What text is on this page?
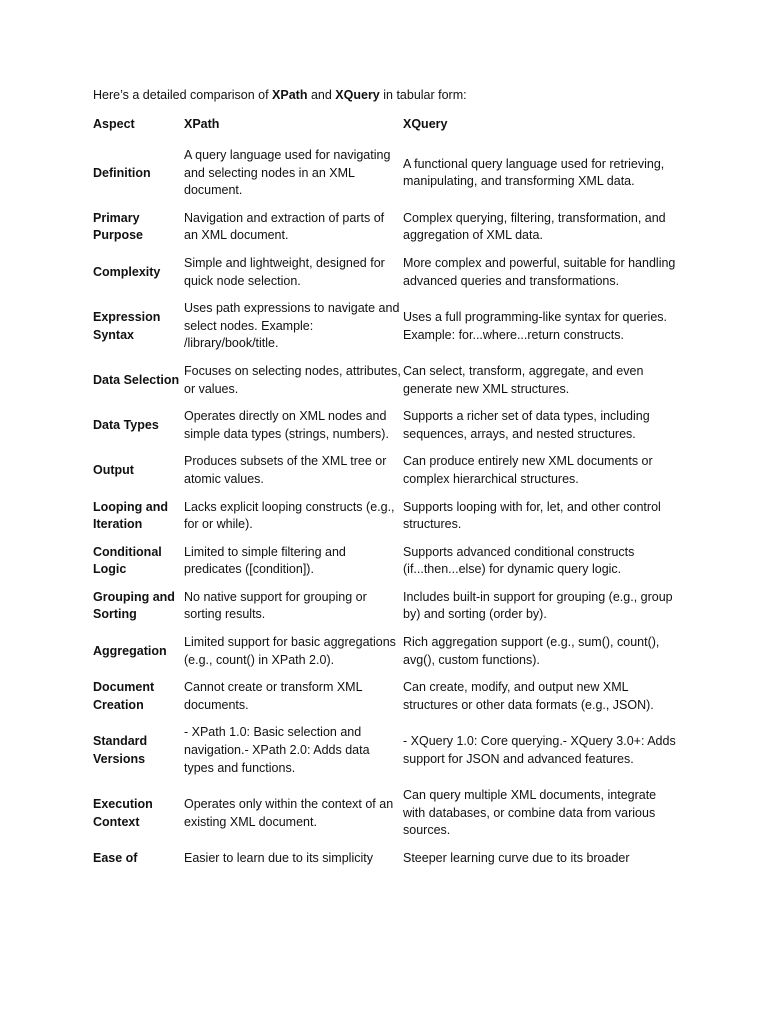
Here’s a detailed comparison of XPath and XQuery in tabular form:
Aspect	XPath	XQuery
Definition	A query language used for navigating and selecting nodes in an XML document.	A functional query language used for retrieving, manipulating, and transforming XML data.
Primary Purpose	Navigation and extraction of parts of an XML document.	Complex querying, filtering, transformation, and aggregation of XML data.
Complexity	Simple and lightweight, designed for quick node selection.	More complex and powerful, suitable for handling advanced queries and transformations.
Expression Syntax	Uses path expressions to navigate and select nodes. Example: /library/book/title.	Uses a full programming-like syntax for queries. Example: for...where...return constructs.
Data Selection	Focuses on selecting nodes, attributes, or values.	Can select, transform, aggregate, and even generate new XML structures.
Data Types	Operates directly on XML nodes and simple data types (strings, numbers).	Supports a richer set of data types, including sequences, arrays, and nested structures.
Output	Produces subsets of the XML tree or atomic values.	Can produce entirely new XML documents or complex hierarchical structures.
Looping and Iteration	Lacks explicit looping constructs (e.g., for or while).	Supports looping with for, let, and other control structures.
Conditional Logic	Limited to simple filtering and predicates ([condition]).	Supports advanced conditional constructs (if...then...else) for dynamic query logic.
Grouping and Sorting	No native support for grouping or sorting results.	Includes built-in support for grouping (e.g., group by) and sorting (order by).
Aggregation	Limited support for basic aggregations (e.g., count() in XPath 2.0).	Rich aggregation support (e.g., sum(), count(), avg(), custom functions).
Document Creation	Cannot create or transform XML documents.	Can create, modify, and output new XML structures or other data formats (e.g., JSON).
Standard Versions	- XPath 1.0: Basic selection and navigation.- XPath 2.0: Adds data types and functions.	- XQuery 1.0: Core querying.- XQuery 3.0+: Adds support for JSON and advanced features.
Execution Context	Operates only within the context of an existing XML document.	Can query multiple XML documents, integrate with databases, or combine data from various sources.
Ease of	Easier to learn due to its simplicity	Steeper learning curve due to its broader
